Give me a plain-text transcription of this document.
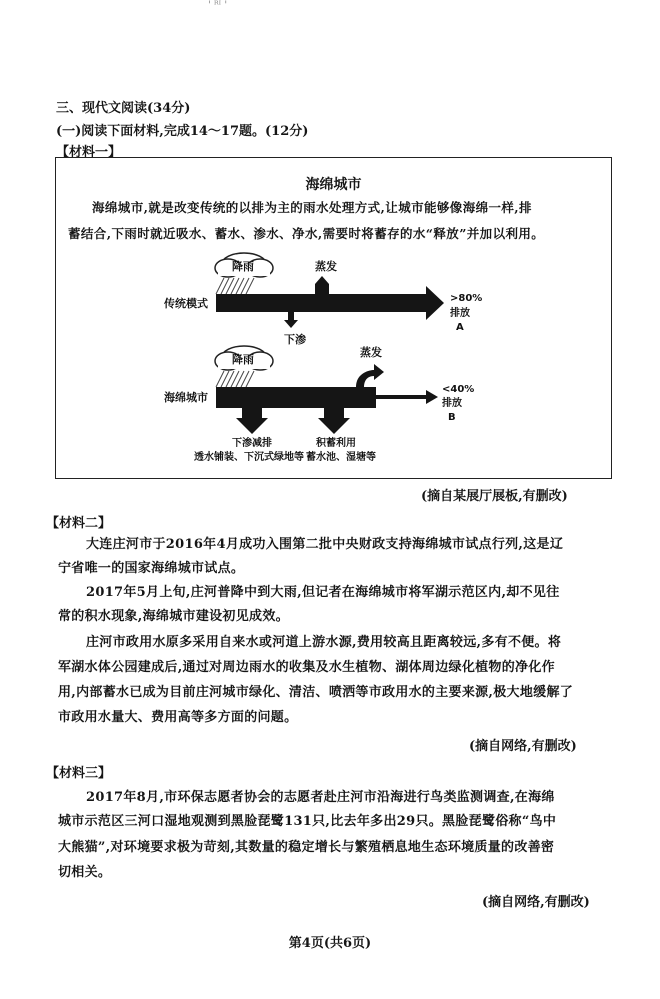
' ᴿᴵ '
三、现代文阅读(34分)
(一)阅读下面材料,完成14～17题。(12分)
【材料一】
海绵城市
海绵城市,就是改变传统的以排为主的雨水处理方式,让城市能够像海绵一样,排
蓄结合,下雨时就近吸水、蓄水、渗水、净水,需要时将蓄存的水“释放”并加以利用。
降雨	蒸发
下渗
传统模式	>80%
排放
A
降雨
蒸发
海绵城市
<40%
排放
B
下渗减排
透水铺装、下沉式绿地等
积蓄利用
蓄水池、湿塘等
(摘自某展厅展板,有删改)
【材料二】
大连庄河市于2016年4月成功入围第二批中央财政支持海绵城市试点行列,这是辽
宁省唯一的国家海绵城市试点。
2017年5月上旬,庄河普降中到大雨,但记者在海绵城市将军湖示范区内,却不见往
常的积水现象,海绵城市建设初见成效。
庄河市政用水原多采用自来水或河道上游水源,费用较高且距离较远,多有不便。将
军湖水体公园建成后,通过对周边雨水的收集及水生植物、湖体周边绿化植物的净化作
用,内部蓄水已成为目前庄河城市绿化、清洁、喷洒等市政用水的主要来源,极大地缓解了
市政用水量大、费用高等多方面的问题。
(摘自网络,有删改)
【材料三】
2017年8月,市环保志愿者协会的志愿者赴庄河市沿海进行鸟类监测调查,在海绵
城市示范区三河口湿地观测到黑脸琵鹭131只,比去年多出29只。黑脸琵鹭俗称“鸟中
大熊猫”,对环境要求极为苛刻,其数量的稳定增长与繁殖栖息地生态环境质量的改善密
切相关。
(摘自网络,有删改)
第4页(共6页)
